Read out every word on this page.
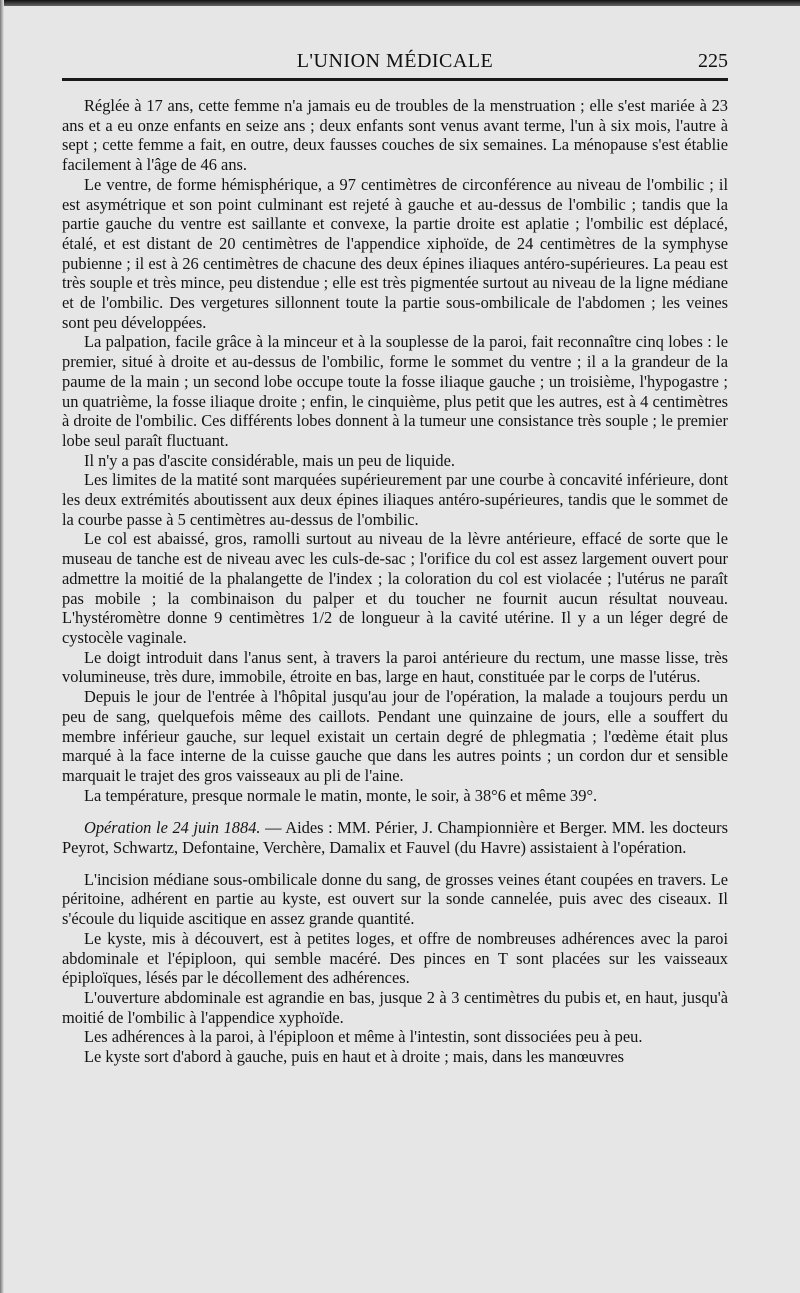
L'UNION MÉDICALE	225

Réglée à 17 ans, cette femme n'a jamais eu de troubles de la menstruation ; elle s'est mariée à 23 ans et a eu onze enfants en seize ans ; deux enfants sont venus avant terme, l'un à six mois, l'autre à sept ; cette femme a fait, en outre, deux fausses couches de six semaines. La ménopause s'est établie facilement à l'âge de 46 ans.

Le ventre, de forme hémisphérique, a 97 centimètres de circonférence au niveau de l'ombilic ; il est asymétrique et son point culminant est rejeté à gauche et au-dessus de l'ombilic ; tandis que la partie gauche du ventre est saillante et convexe, la partie droite est aplatie ; l'ombilic est déplacé, étalé, et est distant de 20 centimètres de l'appendice xiphoïde, de 24 centimètres de la symphyse pubienne ; il est à 26 centimètres de chacune des deux épines iliaques antéro-supérieures. La peau est très souple et très mince, peu distendue ; elle est très pigmentée surtout au niveau de la ligne médiane et de l'ombilic. Des vergetures sillonnent toute la partie sous-ombilicale de l'abdomen ; les veines sont peu développées.

La palpation, facile grâce à la minceur et à la souplesse de la paroi, fait reconnaître cinq lobes : le premier, situé à droite et au-dessus de l'ombilic, forme le sommet du ventre ; il a la grandeur de la paume de la main ; un second lobe occupe toute la fosse iliaque gauche ; un troisième, l'hypogastre ; un quatrième, la fosse iliaque droite ; enfin, le cinquième, plus petit que les autres, est à 4 centimètres à droite de l'ombilic. Ces différents lobes donnent à la tumeur une consistance très souple ; le premier lobe seul paraît fluctuant.

Il n'y a pas d'ascite considérable, mais un peu de liquide.

Les limites de la matité sont marquées supérieurement par une courbe à concavité inférieure, dont les deux extrémités aboutissent aux deux épines iliaques antéro-supérieures, tandis que le sommet de la courbe passe à 5 centimètres au-dessus de l'ombilic.

Le col est abaissé, gros, ramolli surtout au niveau de la lèvre antérieure, effacé de sorte que le museau de tanche est de niveau avec les culs-de-sac ; l'orifice du col est assez largement ouvert pour admettre la moitié de la phalangette de l'index ; la coloration du col est violacée ; l'utérus ne paraît pas mobile ; la combinaison du palper et du toucher ne fournit aucun résultat nouveau. L'hystéromètre donne 9 centimètres 1/2 de longueur à la cavité utérine. Il y a un léger degré de cystocèle vaginale.

Le doigt introduit dans l'anus sent, à travers la paroi antérieure du rectum, une masse lisse, très volumineuse, très dure, immobile, étroite en bas, large en haut, constituée par le corps de l'utérus.

Depuis le jour de l'entrée à l'hôpital jusqu'au jour de l'opération, la malade a toujours perdu un peu de sang, quelquefois même des caillots. Pendant une quinzaine de jours, elle a souffert du membre inférieur gauche, sur lequel existait un certain degré de phlegmatia ; l'œdème était plus marqué à la face interne de la cuisse gauche que dans les autres points ; un cordon dur et sensible marquait le trajet des gros vaisseaux au pli de l'aine.

La température, presque normale le matin, monte, le soir, à 38°6 et même 39°.

Opération le 24 juin 1884. — Aides : MM. Périer, J. Championnière et Berger. MM. les docteurs Peyrot, Schwartz, Defontaine, Verchère, Damalix et Fauvel (du Havre) assistaient à l'opération.

L'incision médiane sous-ombilicale donne du sang, de grosses veines étant coupées en travers. Le péritoine, adhérent en partie au kyste, est ouvert sur la sonde cannelée, puis avec des ciseaux. Il s'écoule du liquide ascitique en assez grande quantité.

Le kyste, mis à découvert, est à petites loges, et offre de nombreuses adhérences avec la paroi abdominale et l'épiploon, qui semble macéré. Des pinces en T sont placées sur les vaisseaux épiploïques, lésés par le décollement des adhérences.

L'ouverture abdominale est agrandie en bas, jusque 2 à 3 centimètres du pubis et, en haut, jusqu'à moitié de l'ombilic à l'appendice xyphoïde.

Les adhérences à la paroi, à l'épiploon et même à l'intestin, sont dissociées peu à peu.

Le kyste sort d'abord à gauche, puis en haut et à droite ; mais, dans les manœuvres
